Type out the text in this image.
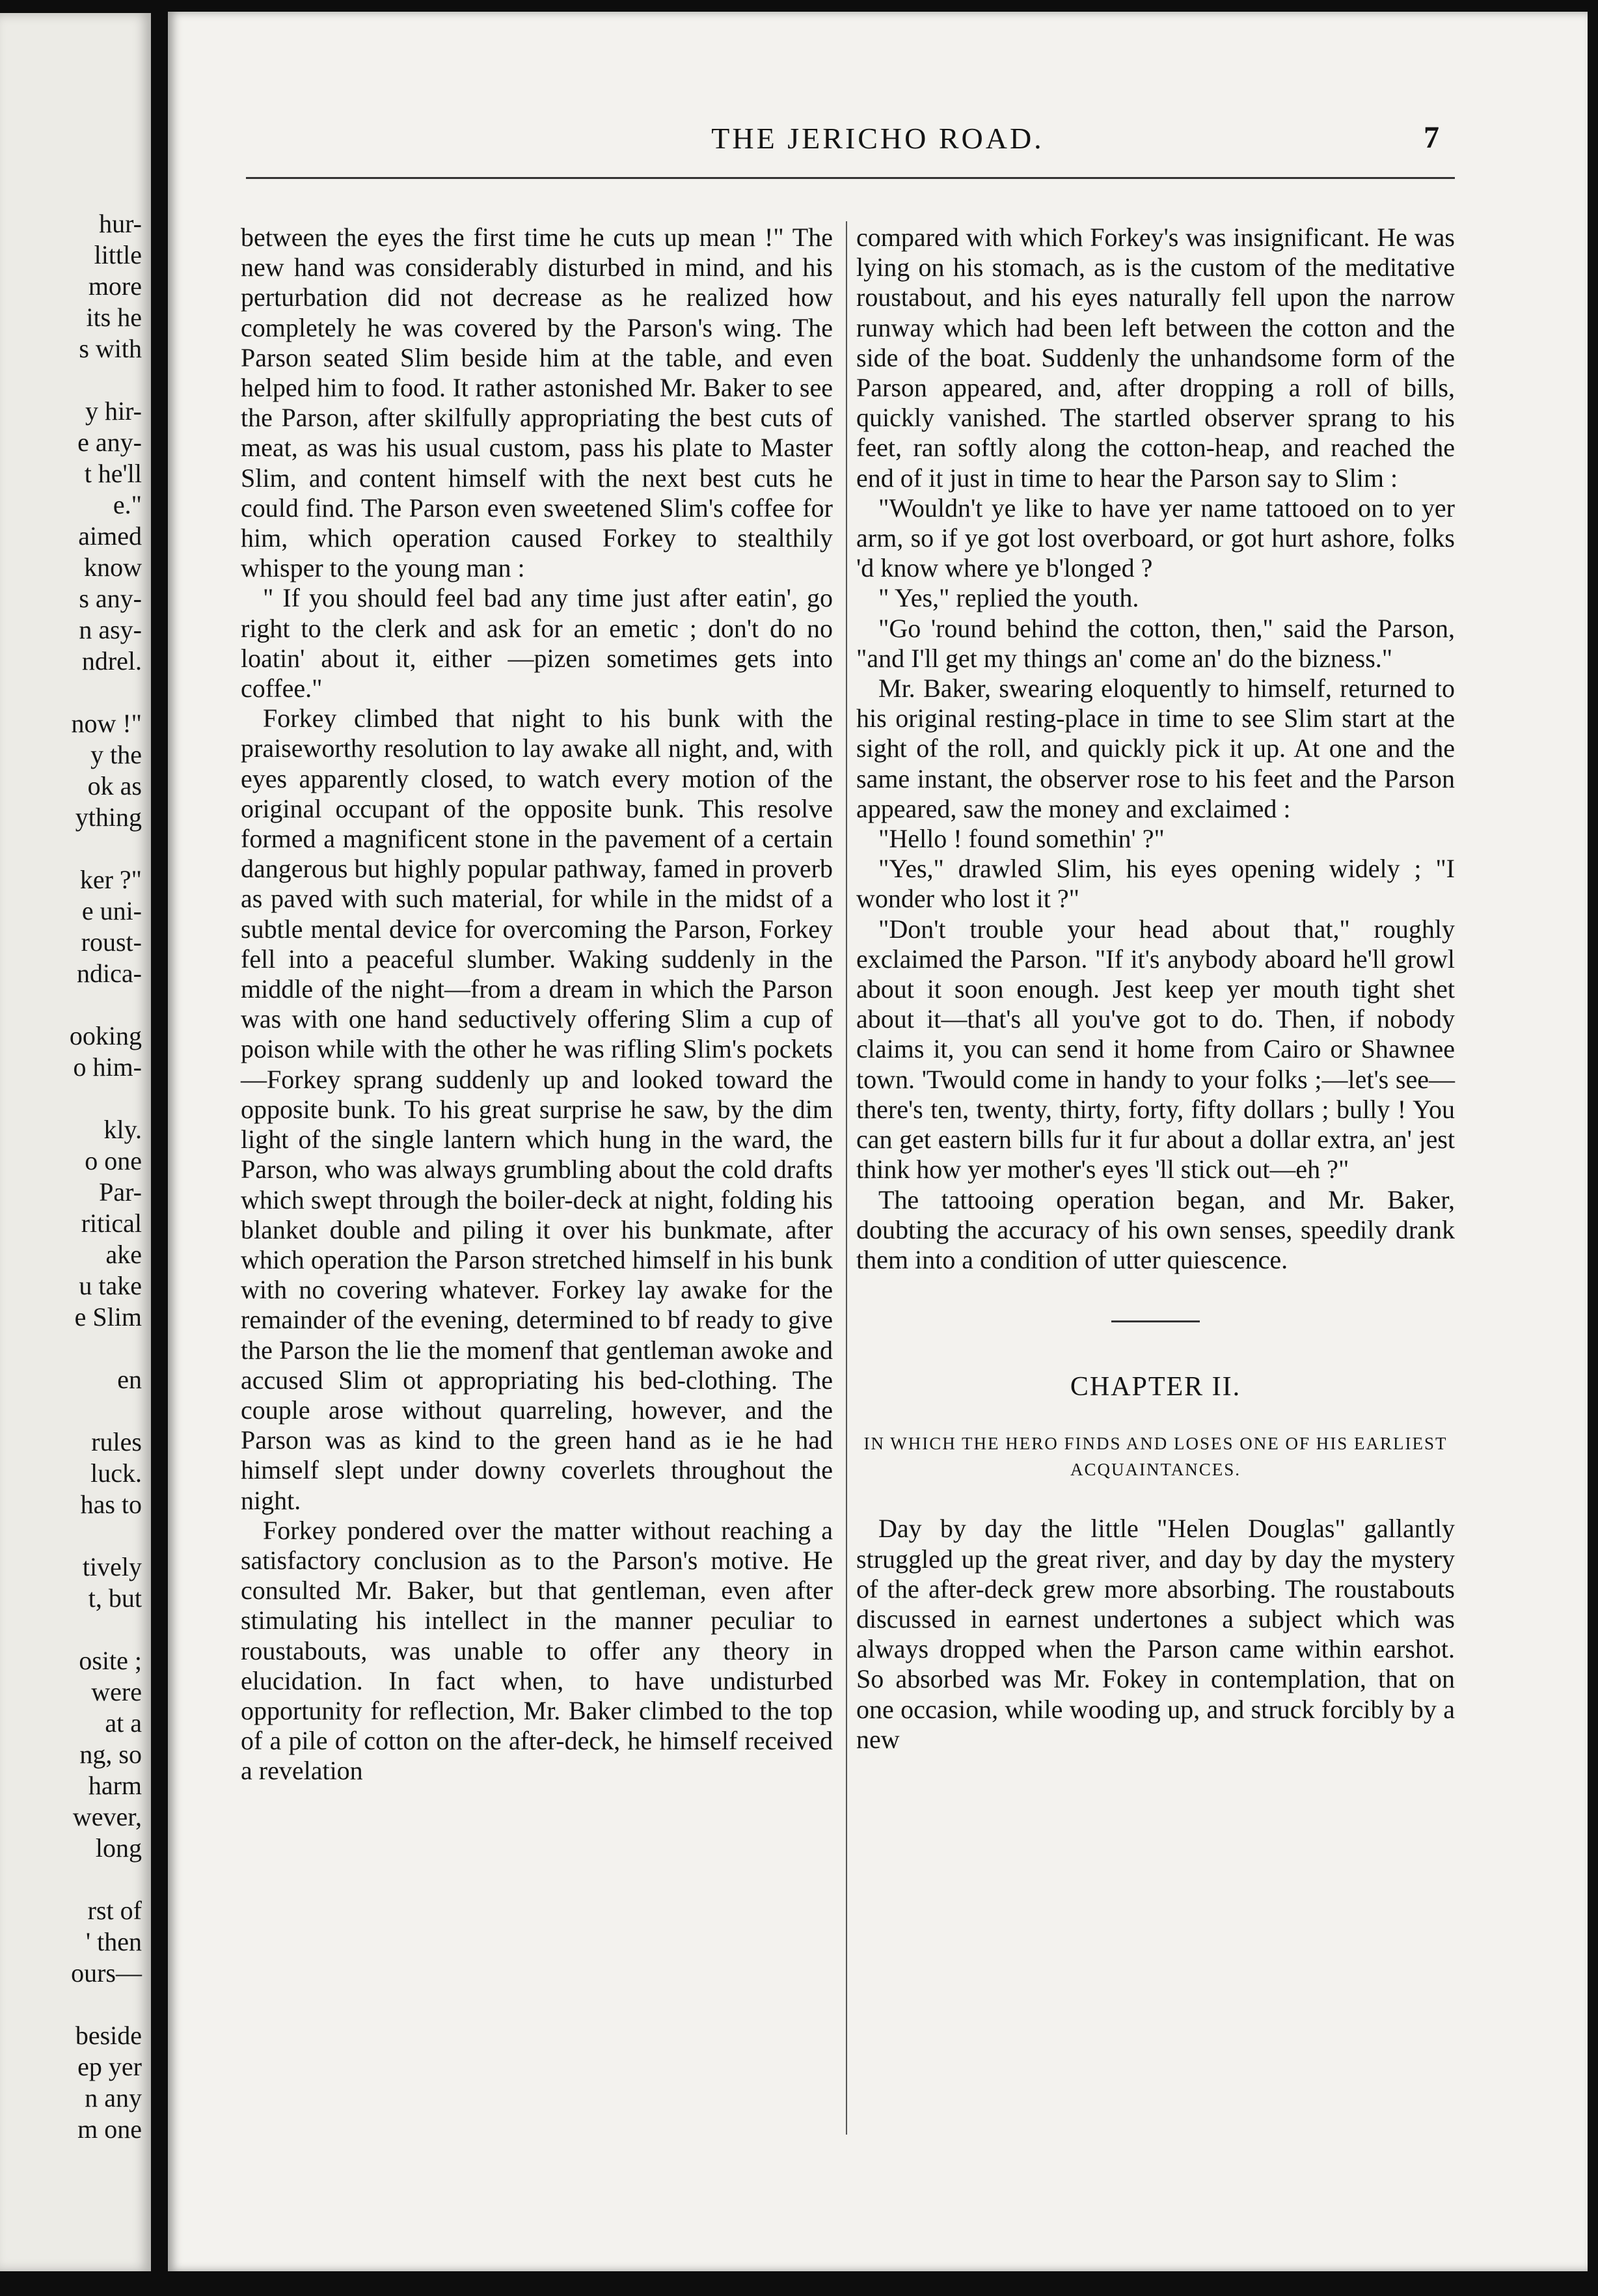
hur-
little
more
its he
s with
y hir-
e any-
t he'll
e."
aimed
know
s any-
n asy-
ndrel.
now !"
y the
ok as
ything
ker ?"
e uni-
roust-
ndica-
ooking
o him-
kly.
o one
Par-
ritical
ake
u take
e Slim
en
rules
luck.
has to
tively
t, but
osite ;
were
at a
ng, so
harm
wever,
long
rst of
' then
ours—
beside
ep yer
n any
m one
THE JERICHO ROAD.	7

between the eyes the first time he cuts up mean !" The new hand was considerably disturbed in mind, and his perturbation did not decrease as he realized how completely he was covered by the Parson's wing. The Parson seated Slim beside him at the table, and even helped him to food. It rather astonished Mr. Baker to see the Parson, after skilfully appropriating the best cuts of meat, as was his usual custom, pass his plate to Master Slim, and content himself with the next best cuts he could find. The Parson even sweetened Slim's coffee for him, which operation caused Forkey to stealthily whisper to the young man :

" If you should feel bad any time just after eatin', go right to the clerk and ask for an emetic ; don't do no loatin' about it, either —pizen sometimes gets into coffee."

Forkey climbed that night to his bunk with the praiseworthy resolution to lay awake all night, and, with eyes apparently closed, to watch every motion of the original occupant of the opposite bunk. This resolve formed a magnificent stone in the pavement of a certain dangerous but highly popular pathway, famed in proverb as paved with such material, for while in the midst of a subtle mental device for overcoming the Parson, Forkey fell into a peaceful slumber. Waking suddenly in the middle of the night—from a dream in which the Parson was with one hand seductively offering Slim a cup of poison while with the other he was rifling Slim's pockets—Forkey sprang suddenly up and looked toward the opposite bunk. To his great surprise he saw, by the dim light of the single lantern which hung in the ward, the Parson, who was always grumbling about the cold drafts which swept through the boiler-deck at night, folding his blanket double and piling it over his bunkmate, after which operation the Parson stretched himself in his bunk with no covering whatever. Forkey lay awake for the remainder of the evening, determined to bf ready to give the Parson the lie the momenf that gentleman awoke and accused Slim ot appropriating his bed-clothing. The couple arose without quarreling, however, and the Parson was as kind to the green hand as ie he had himself slept under downy coverlets throughout the night.

Forkey pondered over the matter without reaching a satisfactory conclusion as to the Parson's motive. He consulted Mr. Baker, but that gentleman, even after stimulating his intellect in the manner peculiar to roustabouts, was unable to offer any theory in elucidation. In fact when, to have undisturbed opportunity for reflection, Mr. Baker climbed to the top of a pile of cotton on the after-deck, he himself received a revelation

compared with which Forkey's was insignificant. He was lying on his stomach, as is the custom of the meditative roustabout, and his eyes naturally fell upon the narrow runway which had been left between the cotton and the side of the boat. Suddenly the unhandsome form of the Parson appeared, and, after dropping a roll of bills, quickly vanished. The startled observer sprang to his feet, ran softly along the cotton-heap, and reached the end of it just in time to hear the Parson say to Slim :

"Wouldn't ye like to have yer name tattooed on to yer arm, so if ye got lost overboard, or got hurt ashore, folks 'd know where ye b'longed ?

" Yes," replied the youth.

"Go 'round behind the cotton, then," said the Parson, "and I'll get my things an' come an' do the bizness."

Mr. Baker, swearing eloquently to himself, returned to his original resting-place in time to see Slim start at the sight of the roll, and quickly pick it up. At one and the same instant, the observer rose to his feet and the Parson appeared, saw the money and exclaimed :

"Hello ! found somethin' ?"

"Yes," drawled Slim, his eyes opening widely ; "I wonder who lost it ?"

"Don't trouble your head about that," roughly exclaimed the Parson. "If it's anybody aboard he'll growl about it soon enough. Jest keep yer mouth tight shet about it—that's all you've got to do. Then, if nobody claims it, you can send it home from Cairo or Shawnee town. 'Twould come in handy to your folks ;—let's see—there's ten, twenty, thirty, forty, fifty dollars ; bully ! You can get eastern bills fur it fur about a dollar extra, an' jest think how yer mother's eyes 'll stick out—eh ?"

The tattooing operation began, and Mr. Baker, doubting the accuracy of his own senses, speedily drank them into a condition of utter quiescence.

CHAPTER II.
IN WHICH THE HERO FINDS AND LOSES ONE OF HIS EARLIEST ACQUAINTANCES.

Day by day the little "Helen Douglas" gallantly struggled up the great river, and day by day the mystery of the after-deck grew more absorbing. The roustabouts discussed in earnest undertones a subject which was always dropped when the Parson came within earshot. So absorbed was Mr. Fokey in contemplation, that on one occasion, while wooding up, and struck forcibly by a new
